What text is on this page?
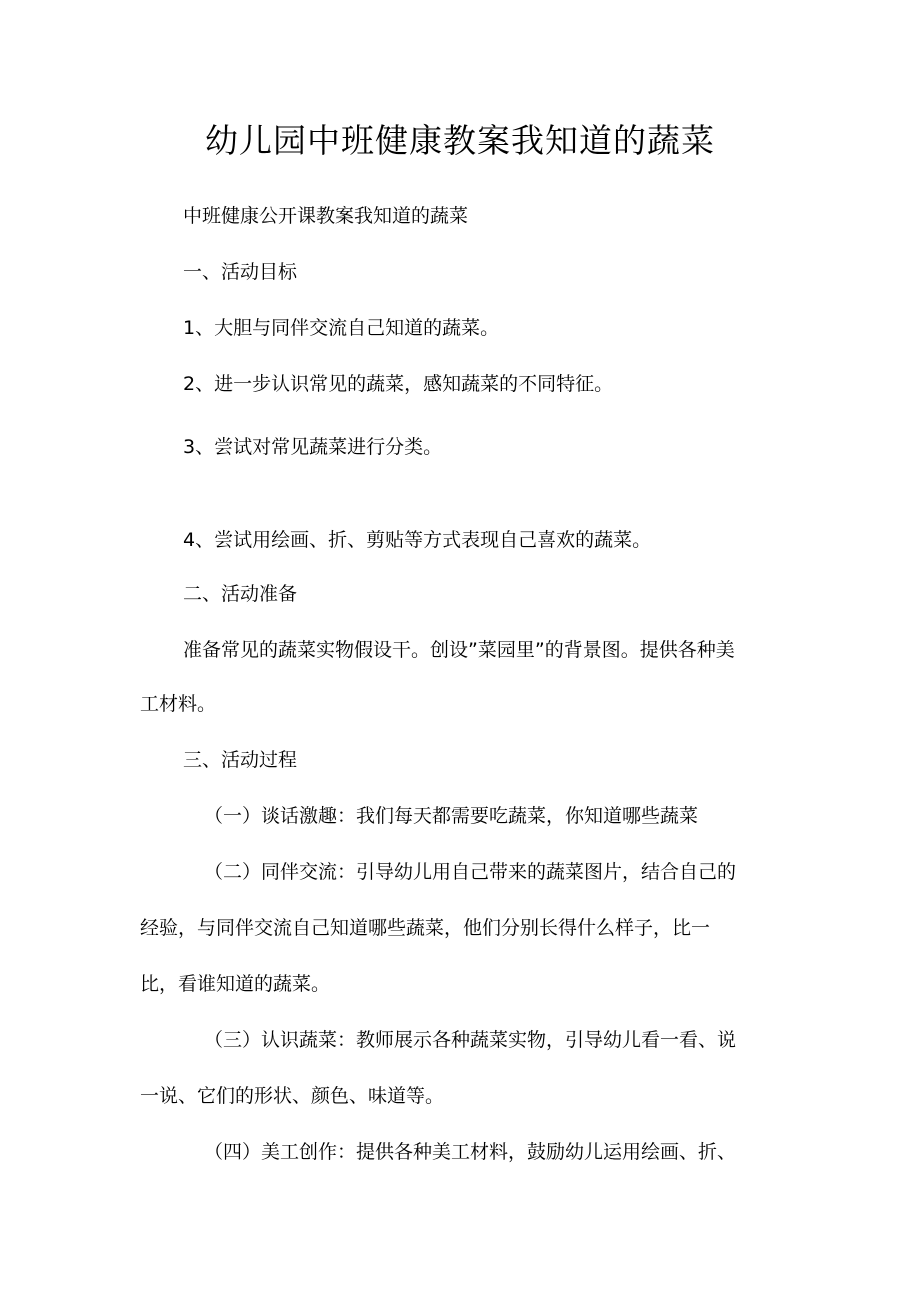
幼儿园中班健康教案我知道的蔬菜

中班健康公开课教案我知道的蔬菜

一、活动目标

1、大胆与同伴交流自己知道的蔬菜。

2、进一步认识常见的蔬菜，感知蔬菜的不同特征。

3、尝试对常见蔬菜进行分类。

4、尝试用绘画、折、剪贴等方式表现自己喜欢的蔬菜。

二、活动准备

准备常见的蔬菜实物假设干。创设”菜园里”的背景图。提供各种美

工材料。

三、活动过程

（一）谈话激趣：我们每天都需要吃蔬菜，你知道哪些蔬菜

（二）同伴交流：引导幼儿用自己带来的蔬菜图片，结合自己的

经验，与同伴交流自己知道哪些蔬菜，他们分别长得什么样子，比一

比，看谁知道的蔬菜。

（三）认识蔬菜：教师展示各种蔬菜实物，引导幼儿看一看、说

一说、它们的形状、颜色、味道等。

（四）美工创作：提供各种美工材料，鼓励幼儿运用绘画、折、
